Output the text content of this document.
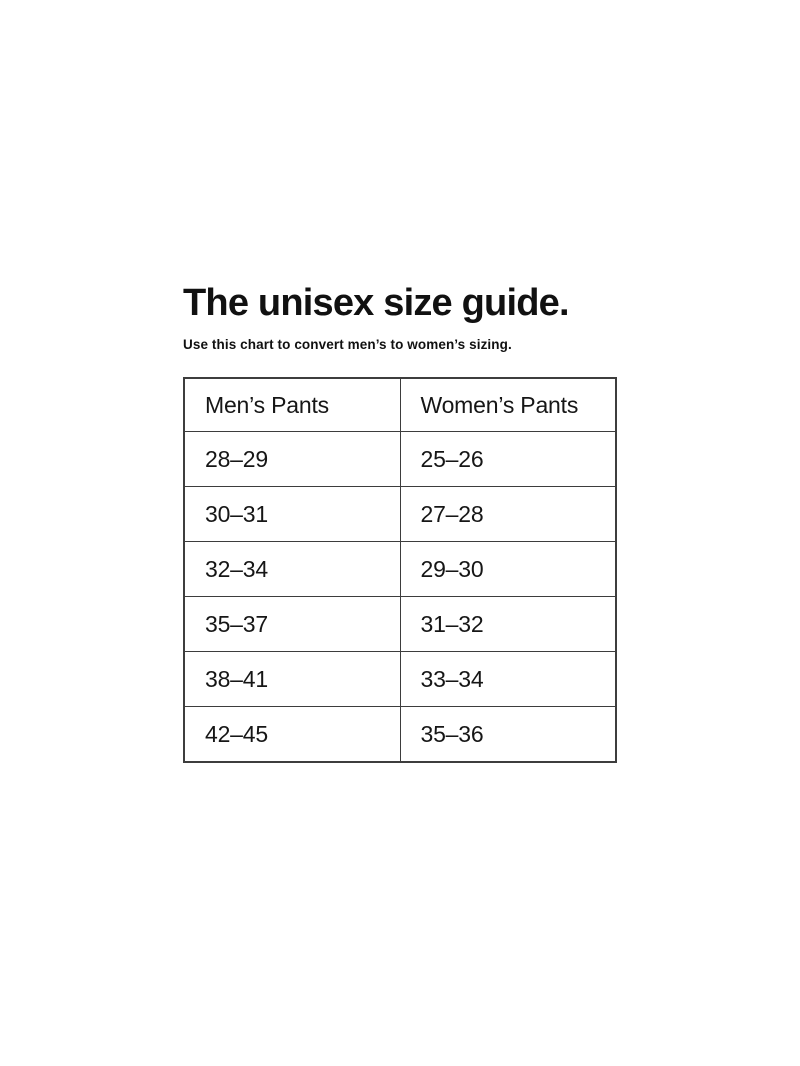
The unisex size guide.

Use this chart to convert men’s to women’s sizing.

Men’s Pants	Women’s Pants
28–29	25–26
30–31	27–28
32–34	29–30
35–37	31–32
38–41	33–34
42–45	35–36
